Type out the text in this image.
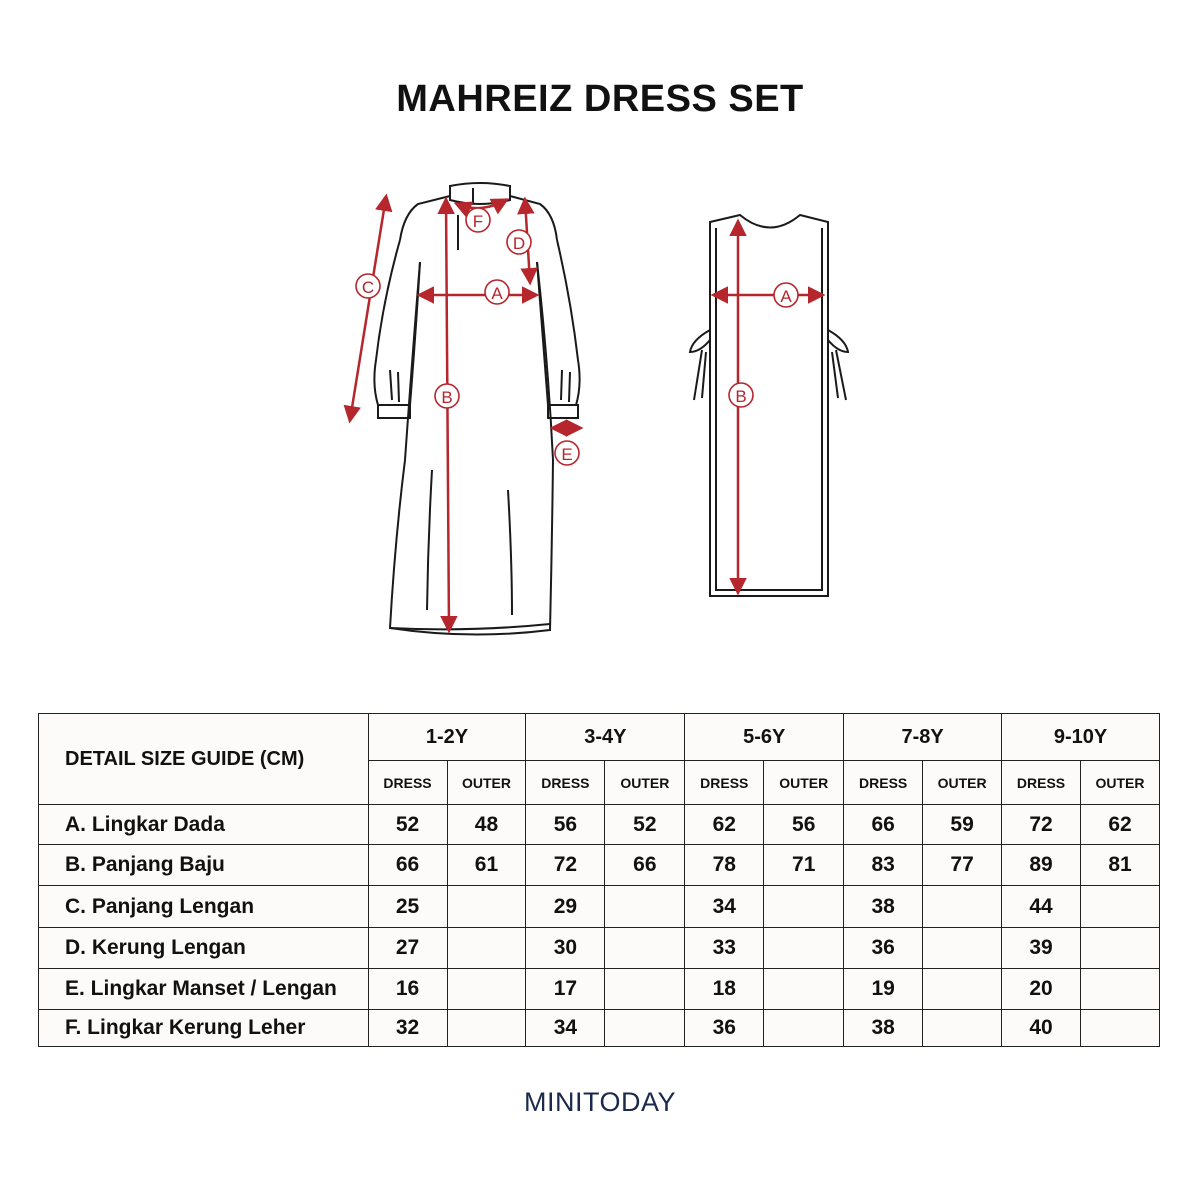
MAHREIZ DRESS SET
A
B
C
D
E
F
A
B
DETAIL SIZE GUIDE (CM)	1-2Y		3-4Y		5-6Y		7-8Y		9-10Y	
	DRESS	OUTER	DRESS	OUTER	DRESS	OUTER	DRESS	OUTER	DRESS	OUTER
A. Lingkar Dada	52	48	56	52	62	56	66	59	72	62
B. Panjang Baju	66	61	72	66	78	71	83	77	89	81
C. Panjang Lengan	25		29		34		38		44	
D. Kerung Lengan	27		30		33		36		39	
E. Lingkar Manset / Lengan	16		17		18		19		20	
F. Lingkar Kerung Leher	32		34		36		38		40	
MINITODAY
